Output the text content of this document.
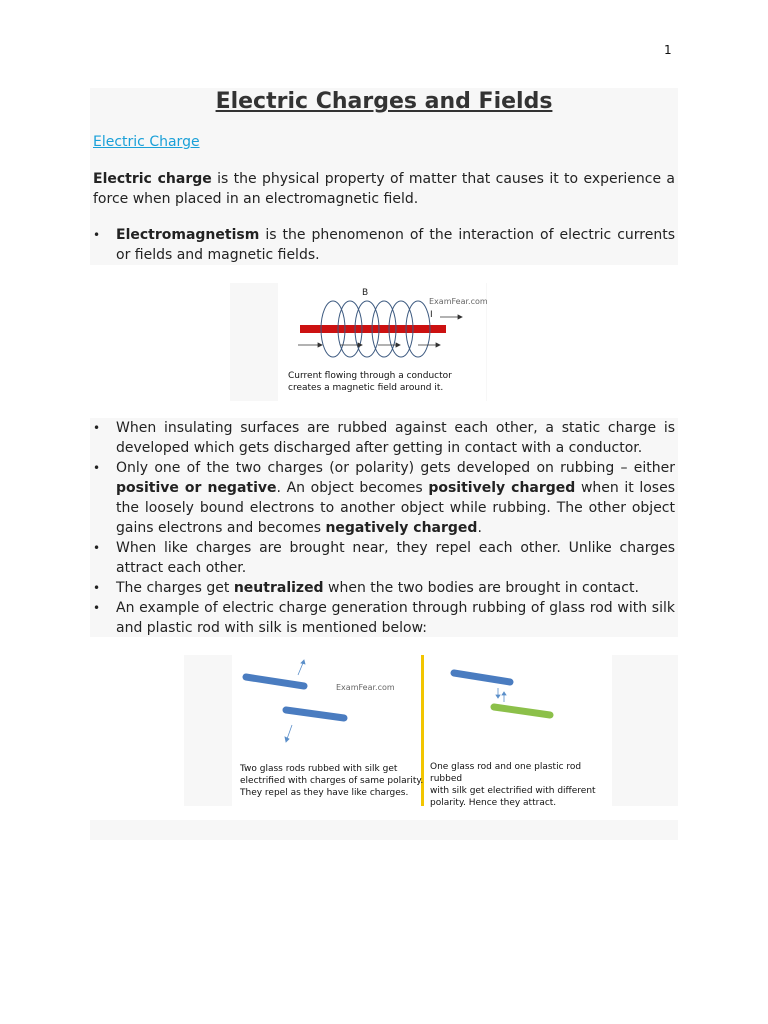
1
Electric Charges and Fields
Electric Charge

Electric charge is the physical property of matter that causes it to experience a force when placed in an electromagnetic field.

• Electromagnetism is the phenomenon of the interaction of electric currents or fields and magnetic fields.
B
ExamFear.com
I
Current flowing through a conductor
creates a magnetic field around it.
• When insulating surfaces are rubbed against each other, a static charge is developed which gets discharged after getting in contact with a conductor.
• Only one of the two charges (or polarity) gets developed on rubbing – either positive or negative. An object becomes positively charged when it loses the loosely bound electrons to another object while rubbing. The other object gains electrons and becomes negatively charged.
• When like charges are brought near, they repel each other. Unlike charges attract each other.
• The charges get neutralized when the two bodies are brought in contact.
• An example of electric charge generation through rubbing of glass rod with silk and plastic rod with silk is mentioned below:
ExamFear.com
Two glass rods rubbed with silk get
electrified with charges of same polarity.
They repel as they have like charges.
One glass rod and one plastic rod rubbed
with silk get electrified with different
polarity. Hence they attract.
